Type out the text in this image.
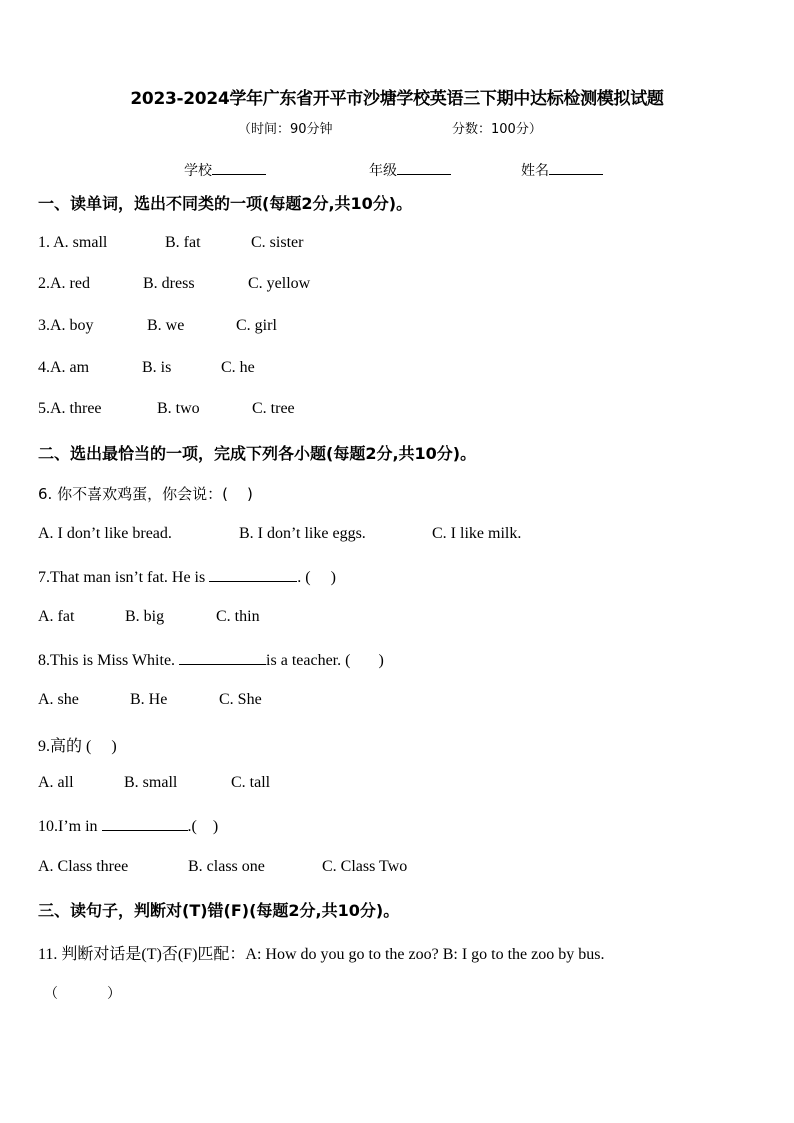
2023-2024学年广东省开平市沙塘学校英语三下期中达标检测模拟试题
（时间：90分钟	分数：100分）
学校	年级	姓名
一、读单词，选出不同类的一项(每题2分,共10分)。
1. A. small	B. fat	C. sister
2.A. red	B. dress	C. yellow
3.A. boy	B. we	C. girl
4.A. am	B. is	C. he
5.A. three	B. two	C. tree
二、选出最恰当的一项，完成下列各小题(每题2分,共10分)。
6. 你不喜欢鸡蛋，你会说：(    )
A. I don’t like bread.	B. I don’t like eggs.	C. I like milk.
7.That man isn’t fat. He is	. (     )
A. fat	B. big	C. thin
8.This is Miss White.	is a teacher. (       )
A. she	B. He	C. She
9.高的 (     )
A. all	B. small	C. tall
10.I’m in	.(    )
A. Class three	B. class one	C. Class Two
三、读句子，判断对(T)错(F)(每题2分,共10分)。
11. 判断对话是(T)否(F)匹配：A: How do you go to the zoo? B: I go to the zoo by bus.
（           ）
